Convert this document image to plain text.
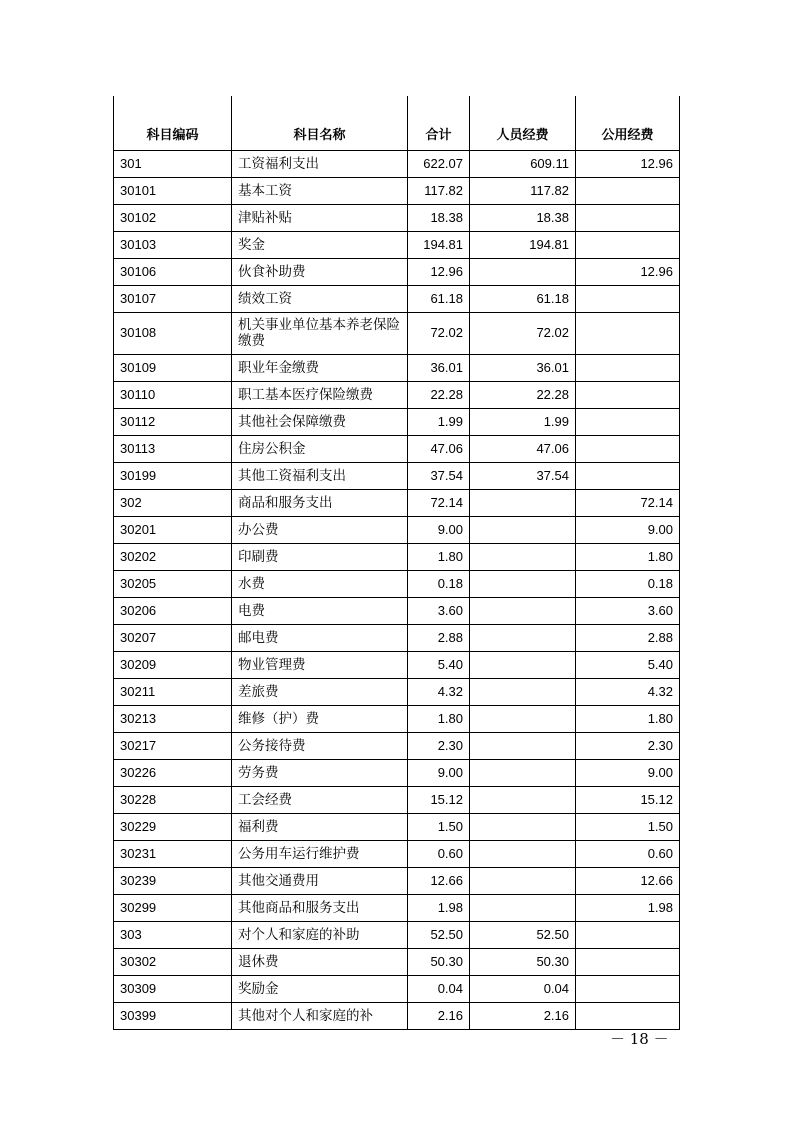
科目编码	科目名称	合计	人员经费	公用经费
301	工资福利支出	622.07	609.11	12.96
30101	基本工资	117.82	117.82	
30102	津贴补贴	18.38	18.38	
30103	奖金	194.81	194.81	
30106	伙食补助费	12.96		12.96
30107	绩效工资	61.18	61.18	
30108	机关事业单位基本养老保险缴费	72.02	72.02	
30109	职业年金缴费	36.01	36.01	
30110	职工基本医疗保险缴费	22.28	22.28	
30112	其他社会保障缴费	1.99	1.99	
30113	住房公积金	47.06	47.06	
30199	其他工资福利支出	37.54	37.54	
302	商品和服务支出	72.14		72.14
30201	办公费	9.00		9.00
30202	印刷费	1.80		1.80
30205	水费	0.18		0.18
30206	电费	3.60		3.60
30207	邮电费	2.88		2.88
30209	物业管理费	5.40		5.40
30211	差旅费	4.32		4.32
30213	维修（护）费	1.80		1.80
30217	公务接待费	2.30		2.30
30226	劳务费	9.00		9.00
30228	工会经费	15.12		15.12
30229	福利费	1.50		1.50
30231	公务用车运行维护费	0.60		0.60
30239	其他交通费用	12.66		12.66
30299	其他商品和服务支出	1.98		1.98
303	对个人和家庭的补助	52.50	52.50	
30302	退休费	50.30	50.30	
30309	奖励金	0.04	0.04	
30399	其他对个人和家庭的补	2.16	2.16	
－ 18 －
